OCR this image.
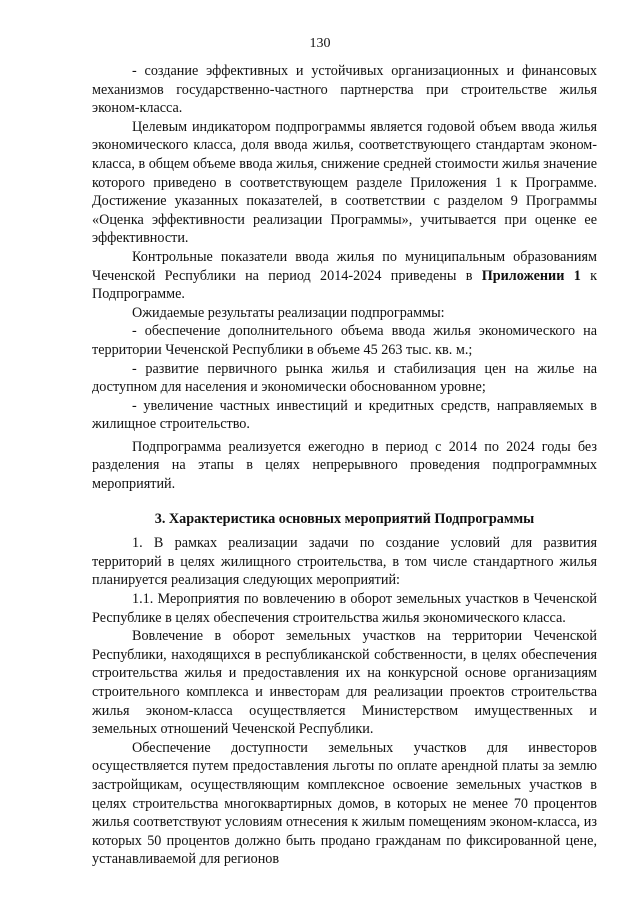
130

- создание эффективных и устойчивых организационных и финансовых механизмов государственно-частного партнерства при строительстве жилья эконом-класса.

Целевым индикатором подпрограммы является годовой объем ввода жилья экономического класса, доля ввода жилья, соответствующего стандартам эконом-класса, в общем объеме ввода жилья, снижение средней стоимости жилья значение которого приведено в соответствующем разделе Приложения 1 к Программе. Достижение указанных показателей, в соответствии с разделом 9 Программы «Оценка эффективности реализации Программы», учитывается при оценке ее эффективности.

Контрольные показатели ввода жилья по муниципальным образованиям Чеченской Республики на период 2014-2024 приведены в Приложении 1 к Подпрограмме.

Ожидаемые результаты реализации подпрограммы:

- обеспечение дополнительного объема ввода жилья экономического на территории Чеченской Республики в объеме 45 263 тыс. кв. м.;

- развитие первичного рынка жилья и стабилизация цен на жилье на доступном для населения и экономически обоснованном уровне;

- увеличение частных инвестиций и кредитных средств, направляемых в жилищное строительство.

Подпрограмма реализуется ежегодно в период с 2014 по 2024 годы без разделения на этапы в целях непрерывного проведения подпрограммных мероприятий.

3. Характеристика основных мероприятий Подпрограммы

1. В рамках реализации задачи по создание условий для развития территорий в целях жилищного строительства, в том числе стандартного жилья планируется реализация следующих мероприятий:

1.1. Мероприятия по вовлечению в оборот земельных участков в Чеченской Республике в целях обеспечения строительства жилья экономического класса.

Вовлечение в оборот земельных участков на территории Чеченской Республики, находящихся в республиканской собственности, в целях обеспечения строительства жилья и предоставления их на конкурсной основе организациям строительного комплекса и инвесторам для реализации проектов строительства жилья эконом-класса осуществляется Министерством имущественных и земельных отношений Чеченской Республики.

Обеспечение доступности земельных участков для инвесторов осуществляется путем предоставления льготы по оплате арендной платы за землю застройщикам, осуществляющим комплексное освоение земельных участков в целях строительства многоквартирных домов, в которых не менее 70 процентов жилья соответствуют условиям отнесения к жилым помещениям эконом-класса, из которых 50 процентов должно быть продано гражданам по фиксированной цене, устанавливаемой для регионов
